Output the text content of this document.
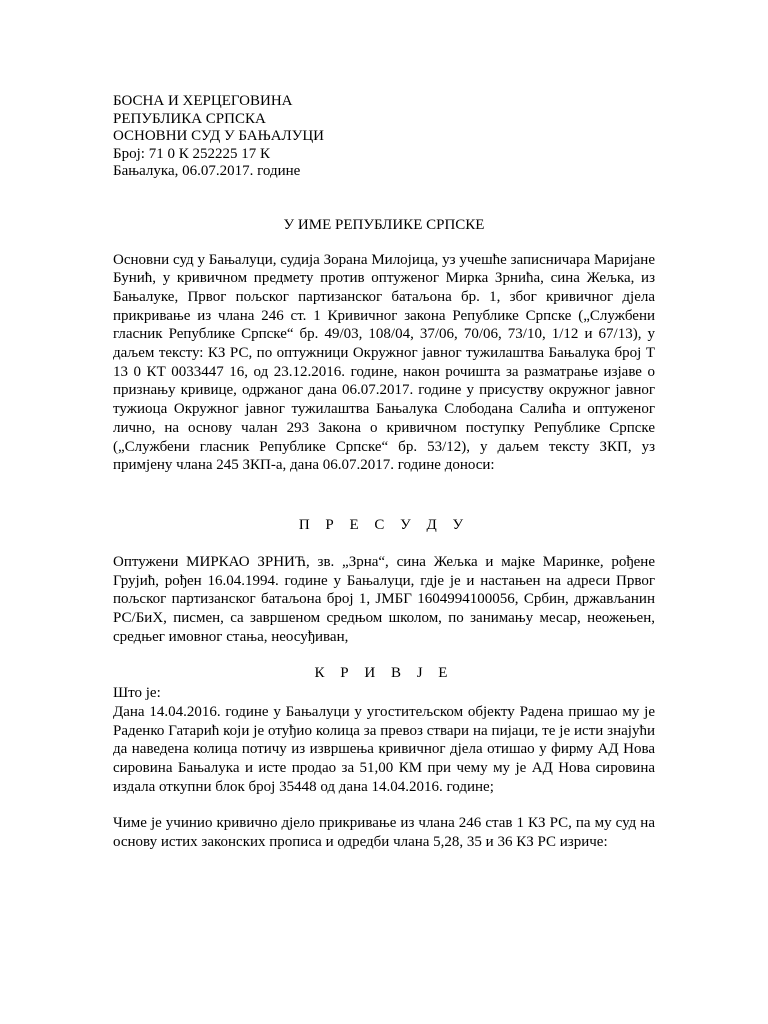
БОСНА И ХЕРЦЕГОВИНА
РЕПУБЛИКА СРПСКА
ОСНОВНИ СУД У БАЊАЛУЦИ
Број: 71 0 К 252225 17 К
Бањалука, 06.07.2017. године

У ИМЕ РЕПУБЛИКЕ СРПСКЕ

Основни суд у Бањалуци, судија Зорана Милојица, уз учешће записничара Маријане Бунић, у кривичном предмету против оптуженог Мирка Зрнића, сина Жељка, из Бањалуке, Првог пољског партизанског батаљона бр. 1, због кривичног дјела прикривање из члана 246 ст. 1 Кривичног закона Републике Српске („Службени гласник Републике Српске“ бр. 49/03, 108/04, 37/06, 70/06, 73/10, 1/12 и 67/13), у даљем тексту: КЗ РС, по оптужници Окружног јавног тужилаштва Бањалука број Т 13 0 КТ 0033447 16, од 23.12.2016. године, након рочишта за разматрање изјаве о признању кривице, одржаног дана 06.07.2017. године у присуству окружног јавног тужиоца Окружног јавног тужилаштва Бањалука Слободана Салића и оптуженог лично, на основу чалан 293 Закона о кривичном поступку Републике Српске („Службени гласник Републике Српске“ бр. 53/12), у даљем тексту ЗКП, уз примјену члана 245 ЗКП-а, дана 06.07.2017. године доноси:

П Р Е С У Д У

Оптужени МИРКАО ЗРНИЋ, зв. „Зрна“, сина Жељка и мајке Маринке, рођене Грујић, рођен 16.04.1994. године у Бањалуци, гдје је и настањен на адреси Првог пољског партизанског батаљона број 1, ЈМБГ 1604994100056, Србин, држављанин РС/БиХ, писмен, са завршеном средњом школом, по занимању месар, неожењен, средњег имовног стања, неосуђиван,

К Р И В Ј Е

Што је:

Дана 14.04.2016. године у Бањалуци у угоститељском објекту Радена пришао му је Раденко Гатарић који је отуђио колица за превоз ствари на пијаци, те је исти знајући да наведена колица потичу из извршења кривичног дјела отишао у фирму АД Нова сировина Бањалука и исте продао за 51,00 КМ при чему му је АД Нова сировина издала откупни блок број 35448 од дана 14.04.2016. године;

Чиме је учинио кривично дјело прикривање из члана 246 став 1 КЗ РС, па му суд на основу истих законских прописа и одредби члана 5,28, 35 и 36 КЗ РС изриче:
